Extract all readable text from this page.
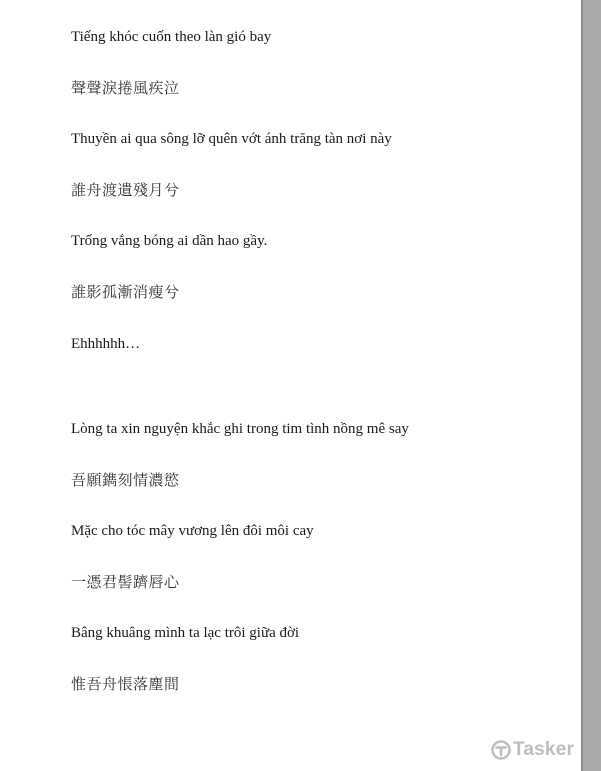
Tiếng khóc cuốn theo làn gió bay
聲聲淚捲風疾泣
Thuyền ai qua sông lỡ quên vớt ánh trăng tàn nơi này
誰舟渡遺殘月兮
Trống vắng bóng ai dần hao gầy.
誰影孤漸消瘦兮
Ehhhhhh…
Lòng ta xin nguyện khắc ghi trong tim tình nồng mê say
吾願鐫刻情濃慾
Mặc cho tóc mây vương lên đôi môi cay
一憑君髻躋唇心
Bâng khuâng mình ta lạc trôi giữa đời
惟吾舟悵落塵間
Tasker
